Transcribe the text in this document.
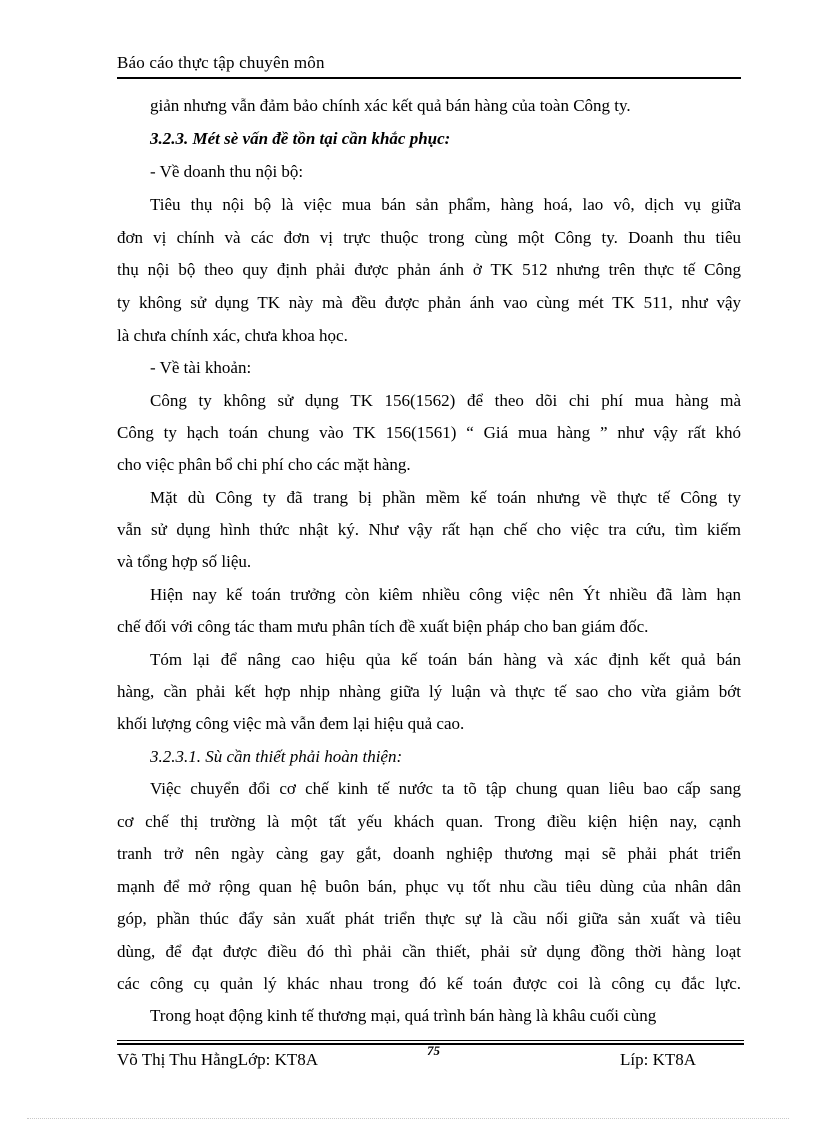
Báo cáo thực tập chuyên môn
giản nhưng vẫn đảm bảo chính xác kết quả bán hàng của toàn Công ty.
3.2.3. Mét sè vấn đề tồn tại cần khắc phục:
- Về doanh thu nội bộ:
Tiêu thụ nội bộ là việc mua bán sản phẩm, hàng hoá, lao vô, dịch vụ giữa
đơn vị chính và các đơn vị trực thuộc trong cùng một Công ty. Doanh thu tiêu
thụ nội bộ theo quy định phải được phản ánh ở TK 512 nhưng trên thực tế Công
ty không sử dụng TK này mà đều được phản ánh vao cùng mét TK 511, như vậy
là chưa chính xác, chưa khoa học.
- Về tài khoản:
Công ty không sử dụng TK 156(1562) để theo dõi chi phí mua hàng mà
Công ty hạch toán chung vào TK 156(1561) “ Giá mua hàng ” như vậy rất khó
cho việc phân bổ chi phí cho các mặt hàng.
Mặt dù Công ty đã trang bị phần mềm kế toán nhưng về thực tế Công ty
vẫn sử dụng hình thức nhật ký. Như vậy rất hạn chế cho việc tra cứu, tìm kiếm
và tổng hợp số liệu.
Hiện nay kế toán trưởng còn kiêm nhiều công việc nên Ýt nhiều đã làm hạn
chế đối với công tác tham mưu phân tích đề xuất biện pháp cho ban giám đốc.
Tóm lại để nâng cao hiệu qủa kế toán bán hàng và xác định kết quả bán
hàng, cần phải kết hợp nhịp nhàng giữa lý luận và thực tế sao cho vừa giảm bớt
khối lượng công việc mà vẫn đem lại hiệu quả cao.
3.2.3.1. Sù cần thiết phải hoàn thiện:
Việc chuyển đổi cơ chế kinh tế nước ta tõ tập chung quan liêu bao cấp sang
cơ chế thị trường là một tất yếu khách quan. Trong điều kiện hiện nay, cạnh
tranh trở nên ngày càng gay gắt, doanh nghiệp thương mại sẽ phải phát triển
mạnh để mở rộng quan hệ buôn bán, phục vụ tốt nhu cầu tiêu dùng của nhân dân
góp, phần thúc đẩy sản xuất phát triển thực sự là cầu nối giữa sản xuất và tiêu
dùng, để đạt được điều đó thì phải cần thiết, phải sử dụng đồng thời hàng loạt
các công cụ quản lý khác nhau trong đó kế toán được coi là công cụ đắc lực.
Trong hoạt động kinh tế thương mại, quá trình bán hàng là khâu cuối cùng
Võ Thị Thu HằngLớp: KT8A	75	Líp: KT8A
